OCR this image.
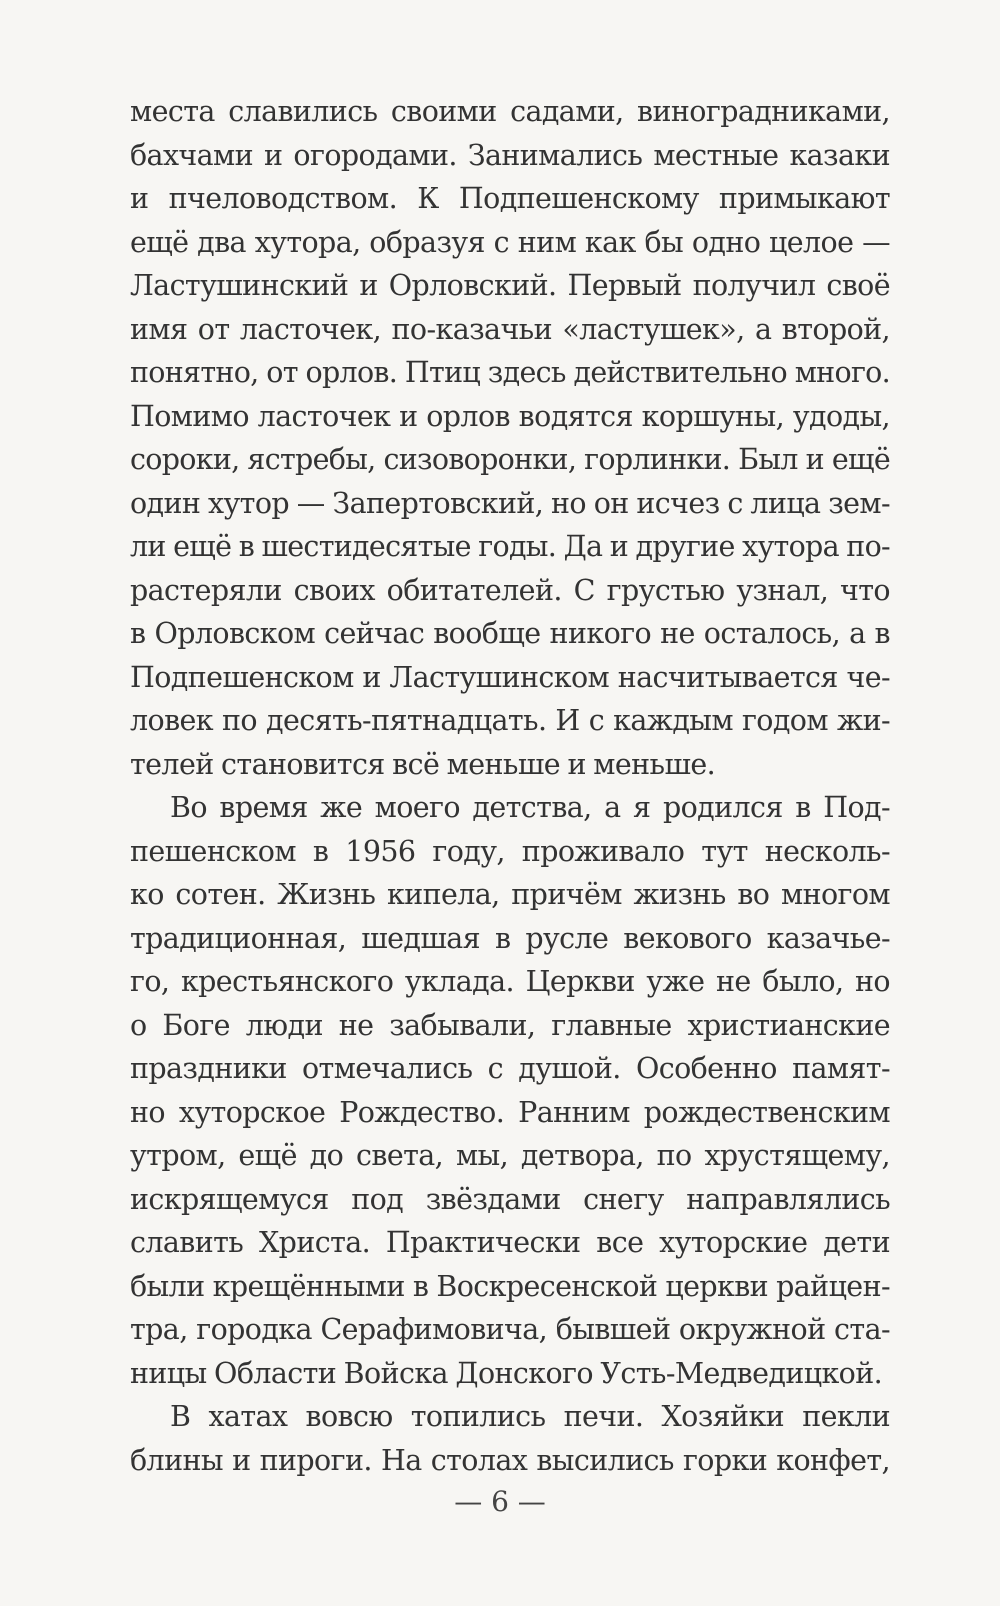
места славились своими садами, виноградниками,
бахчами и огородами. Занимались местные казаки
и пчеловодством. К Подпешенскому примыкают
ещё два хутора, образуя с ним как бы одно целое —
Ластушинский и Орловский. Первый получил своё
имя от ласточек, по-казачьи «ластушек», а второй,
понятно, от орлов. Птиц здесь действительно много.
Помимо ласточек и орлов водятся коршуны, удоды,
сороки, ястребы, сизоворонки, горлинки. Был и ещё
один хутор — Запертовский, но он исчез с лица зем-
ли ещё в шестидесятые годы. Да и другие хутора по-
растеряли своих обитателей. С грустью узнал, что
в Орловском сейчас вообще никого не осталось, а в
Подпешенском и Ластушинском насчитывается че-
ловек по десять-пятнадцать. И с каждым годом жи-
телей становится всё меньше и меньше.
Во время же моего детства, а я родился в Под-
пешенском в 1956 году, проживало тут несколь-
ко сотен. Жизнь кипела, причём жизнь во многом
традиционная, шедшая в русле векового казачье-
го, крестьянского уклада. Церкви уже не было, но
о Боге люди не забывали, главные христианские
праздники отмечались с душой. Особенно памят-
но хуторское Рождество. Ранним рождественским
утром, ещё до света, мы, детвора, по хрустящему,
искрящемуся под звёздами снегу направлялись
славить Христа. Практически все хуторские дети
были крещёнными в Воскресенской церкви райцен-
тра, городка Серафимовича, бывшей окружной ста-
ницы Области Войска Донского Усть-Медведицкой.
В хатах вовсю топились печи. Хозяйки пекли
блины и пироги. На столах высились горки конфет,
— 6 —
